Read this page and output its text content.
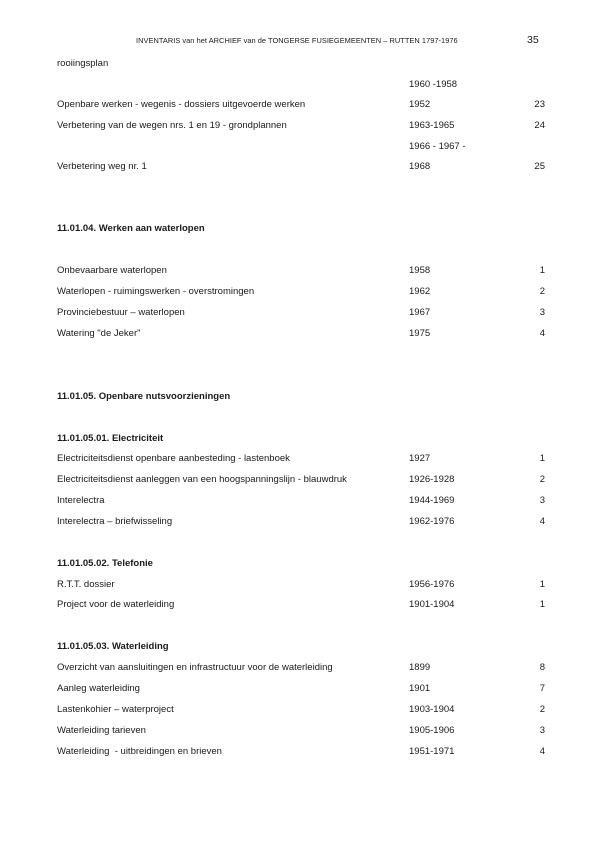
INVENTARIS van het ARCHIEF van de TONGERSE FUSIEGEMEENTEN – RUTTEN 1797-1976	35
rooiingsplan
1960 -1958
Openbare werken - wegenis - dossiers uitgevoerde werken	1952	23
Verbetering van de wegen nrs. 1 en 19 - grondplannen	1963-1965	24
1966 - 1967 -
Verbetering weg nr. 1	1968	25
11.01.04. Werken aan waterlopen
Onbevaarbare waterlopen	1958	1
Waterlopen - ruimingswerken - overstromingen	1962	2
Provinciebestuur – waterlopen	1967	3
Watering "de Jeker"	1975	4
11.01.05. Openbare nutsvoorzieningen
11.01.05.01. Electriciteit
Electriciteitsdienst openbare aanbesteding - lastenboek	1927	1
Electriciteitsdienst aanleggen van een hoogspanningslijn - blauwdruk	1926-1928	2
Interelectra	1944-1969	3
Interelectra – briefwisseling	1962-1976	4
11.01.05.02. Telefonie
R.T.T. dossier	1956-1976	1
Project voor de waterleiding	1901-1904	1
11.01.05.03. Waterleiding
Overzicht van aansluitingen en infrastructuur voor de waterleiding	1899	8
Aanleg waterleiding	1901	7
Lastenkohier – waterproject	1903-1904	2
Waterleiding tarieven	1905-1906	3
Waterleiding  - uitbreidingen en brieven	1951-1971	4
